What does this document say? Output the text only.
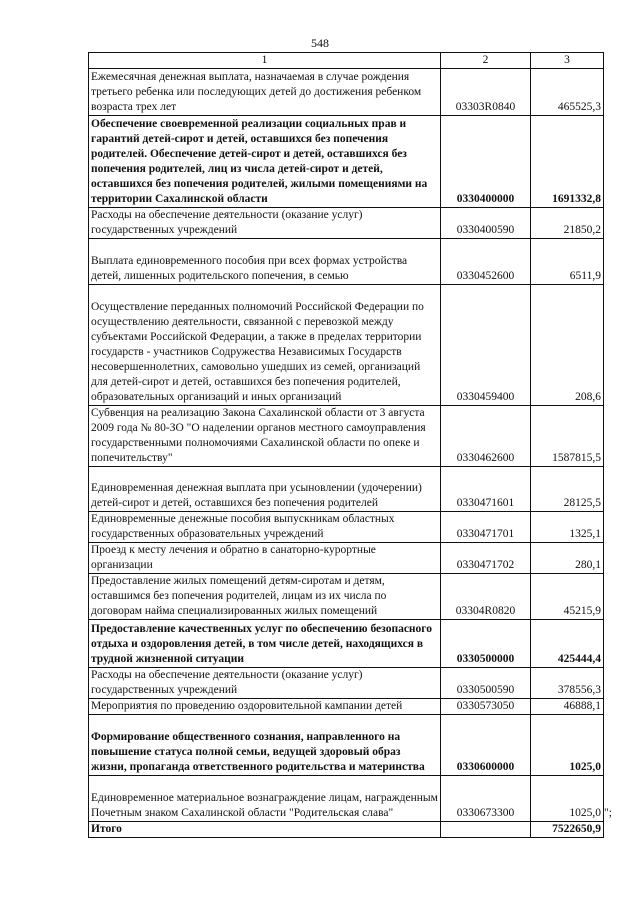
548
1	2	3
Ежемесячная денежная выплата, назначаемая в случае рождения третьего ребенка или последующих детей до достижения ребенком возраста трех лет	03303R0840	465525,3
Обеспечение своевременной реализации социальных прав и гарантий детей-сирот и детей, оставшихся без попечения родителей. Обеспечение детей-сирот и детей, оставшихся без попечения родителей, лиц из числа детей-сирот и детей, оставшихся без попечения родителей, жилыми помещениями на территории Сахалинской области	0330400000	1691332,8
Расходы на обеспечение деятельности (оказание услуг) государственных учреждений	0330400590	21850,2
Выплата единовременного пособия при всех формах устройства детей, лишенных родительского попечения, в семью	0330452600	6511,9
Осуществление переданных полномочий Российской Федерации по осуществлению деятельности, связанной с перевозкой между субъектами Российской Федерации, а также в пределах территории государств - участников Содружества Независимых Государств несовершеннолетних, самовольно ушедших из семей, организаций для детей-сирот и детей, оставшихся без попечения родителей, образовательных организаций и иных организаций	0330459400	208,6
Субвенция на реализацию Закона Сахалинской области от 3 августа 2009 года № 80-ЗО "О наделении органов местного самоуправления государственными полномочиями Сахалинской области по опеке и попечительству"	0330462600	1587815,5
Единовременная денежная выплата при усыновлении (удочерении) детей-сирот и детей, оставшихся без попечения родителей	0330471601	28125,5
Единовременные денежные пособия выпускникам областных государственных образовательных учреждений	0330471701	1325,1
Проезд к месту лечения и обратно в санаторно-курортные организации	0330471702	280,1
Предоставление жилых помещений детям-сиротам и детям, оставшимся без попечения родителей, лицам из их числа по договорам найма специализированных жилых помещений	03304R0820	45215,9
Предоставление качественных услуг по обеспечению безопасного отдыха и оздоровления детей, в том числе детей, находящихся в трудной жизненной ситуации	0330500000	425444,4
Расходы на обеспечение деятельности (оказание услуг) государственных учреждений	0330500590	378556,3
Мероприятия по проведению оздоровительной кампании детей	0330573050	46888,1
Формирование общественного сознания, направленного на повышение статуса полной семьи, ведущей здоровый образ жизни, пропаганда ответственного родительства и материнства	0330600000	1025,0
Единовременное материальное вознаграждение лицам, награжденным Почетным знаком Сахалинской области "Родительская слава"	0330673300	1025,0
Итого		7522650,9
";
